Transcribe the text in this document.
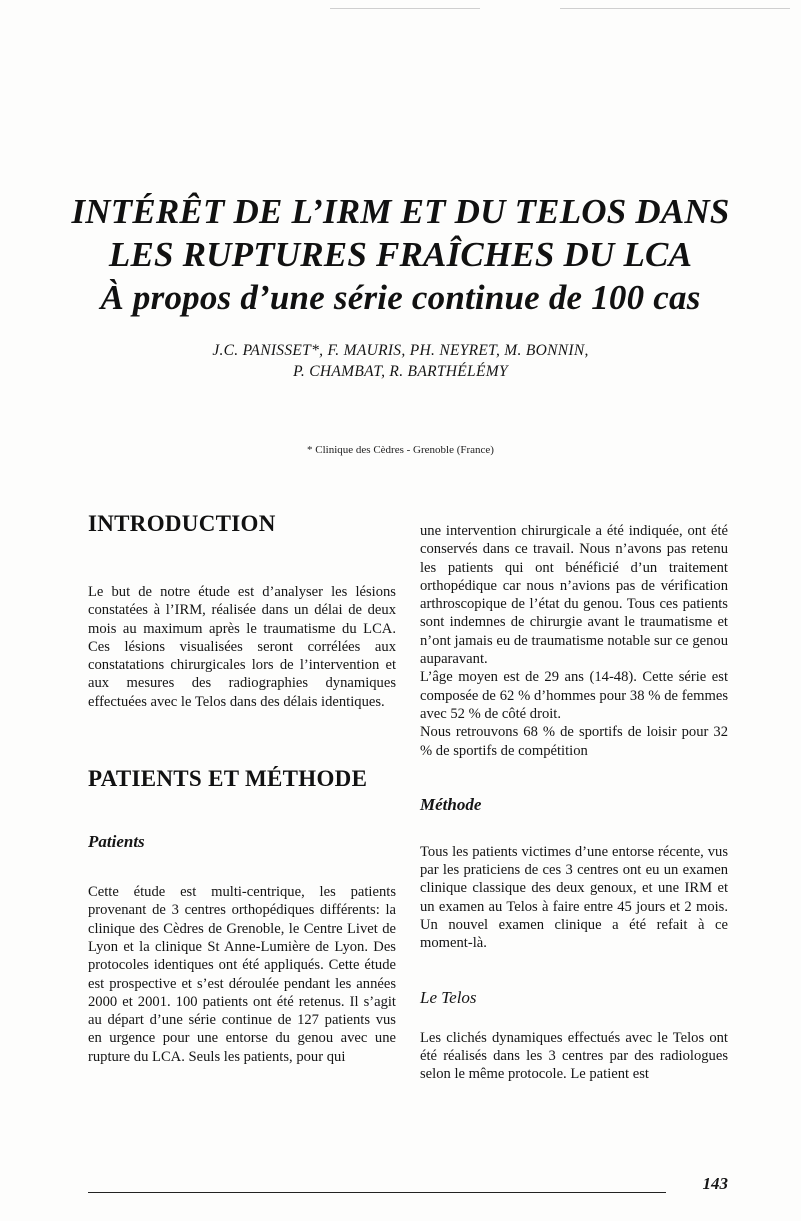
INTÉRÊT DE L’IRM ET DU TELOS DANS
LES RUPTURES FRAÎCHES DU LCA
À propos d’une série continue de 100 cas
J.C. PANISSET*, F. MAURIS, PH. NEYRET, M. BONNIN,
P. CHAMBAT, R. BARTHÉLÉMY
* Clinique des Cèdres - Grenoble (France)
INTRODUCTION

Le but de notre étude est d’analyser les lésions constatées à l’IRM, réalisée dans un délai de deux mois au maximum après le traumatisme du LCA. Ces lésions visualisées seront corrélées aux constatations chirurgicales lors de l’intervention et aux mesures des radiographies dynamiques effectuées avec le Telos dans des délais identiques.

PATIENTS ET MÉTHODE
Patients

Cette étude est multi-centrique, les patients provenant de 3 centres orthopédiques différents: la clinique des Cèdres de Grenoble, le Centre Livet de Lyon et la clinique St Anne-Lumière de Lyon. Des protocoles identiques ont été appliqués. Cette étude est prospective et s’est déroulée pendant les années 2000 et 2001. 100 patients ont été retenus. Il s’agit au départ d’une série continue de 127 patients vus en urgence pour une entorse du genou avec une rupture du LCA. Seuls les patients, pour qui

une intervention chirurgicale a été indiquée, ont été conservés dans ce travail. Nous n’avons pas retenu les patients qui ont bénéficié d’un traitement orthopédique car nous n’avions pas de vérification arthroscopique de l’état du genou. Tous ces patients sont indemnes de chirurgie avant le traumatisme et n’ont jamais eu de traumatisme notable sur ce genou auparavant.

L’âge moyen est de 29 ans (14-48). Cette série est composée de 62 % d’hommes pour 38 % de femmes avec 52 % de côté droit.

Nous retrouvons 68 % de sportifs de loisir pour 32 % de sportifs de compétition

Méthode

Tous les patients victimes d’une entorse récente, vus par les praticiens de ces 3 centres ont eu un examen clinique classique des deux genoux, et une IRM et un examen au Telos à faire entre 45 jours et 2 mois. Un nouvel examen clinique a été refait à ce moment-là.

Le Telos

Les clichés dynamiques effectués avec le Telos ont été réalisés dans les 3 centres par des radiologues selon le même protocole. Le patient est

143
